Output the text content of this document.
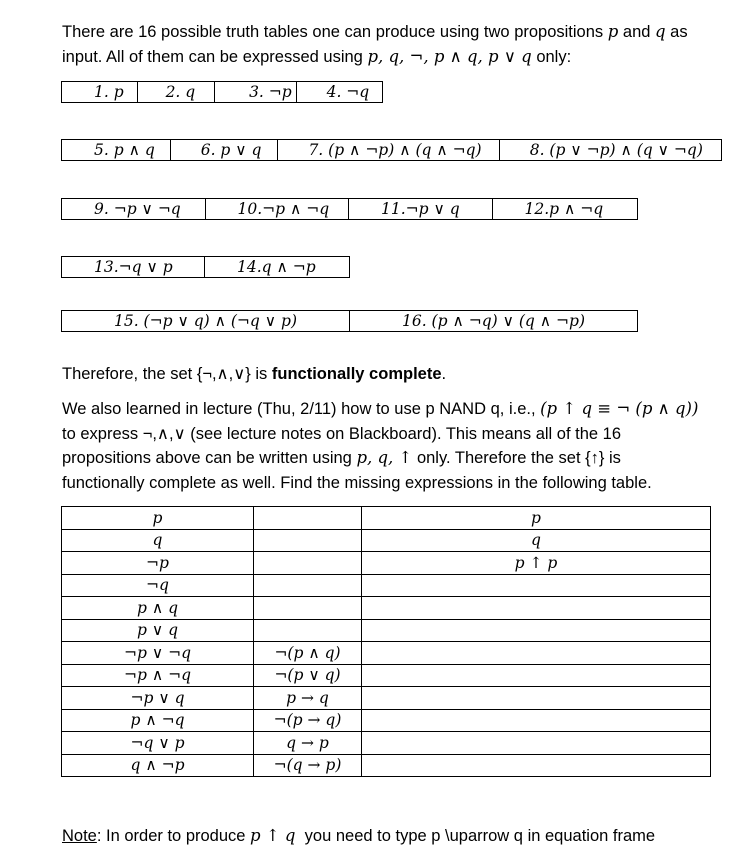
There are 16 possible truth tables one can produce using two propositions p and q as
input. All of them can be expressed using p, q, ¬, p ∧ q, p ∨ q only:
1. p	2. q	3. ¬p	4. ¬q
5. p ∧ q	6. p ∨ q	7. (p ∧ ¬p) ∧ (q ∧ ¬q)	8. (p ∨ ¬p) ∧ (q ∨ ¬q)
9. ¬p ∨ ¬q	10.¬p ∧ ¬q	11.¬p ∨ q	12.p ∧ ¬q
13.¬q ∨ p	14.q ∧ ¬p
15. (¬p ∨ q) ∧ (¬q ∨ p)	16. (p ∧ ¬q) ∨ (q ∧ ¬p)
Therefore, the set {¬,∧,∨} is functionally complete.
We also learned in lecture (Thu, 2/11) how to use p NAND q, i.e., (p ↑ q ≡ ¬ (p ∧ q))
to express ¬,∧,∨ (see lecture notes on Blackboard). This means all of the 16
propositions above can be written using p, q, ↑ only. Therefore the set {↑} is
functionally complete as well. Find the missing expressions in the following table.
p		p
q		q
¬p		p ↑ p
¬q		
p ∧ q		
p ∨ q		
¬p ∨ ¬q	¬(p ∧ q)	
¬p ∧ ¬q	¬(p ∨ q)	
¬p ∨ q	p → q	
p ∧ ¬q	¬(p → q)	
¬q ∨ p	q → p	
q ∧ ¬p	¬(q → p)	
Note: In order to produce p ↑ q  you need to type p \uparrow q in equation frame
